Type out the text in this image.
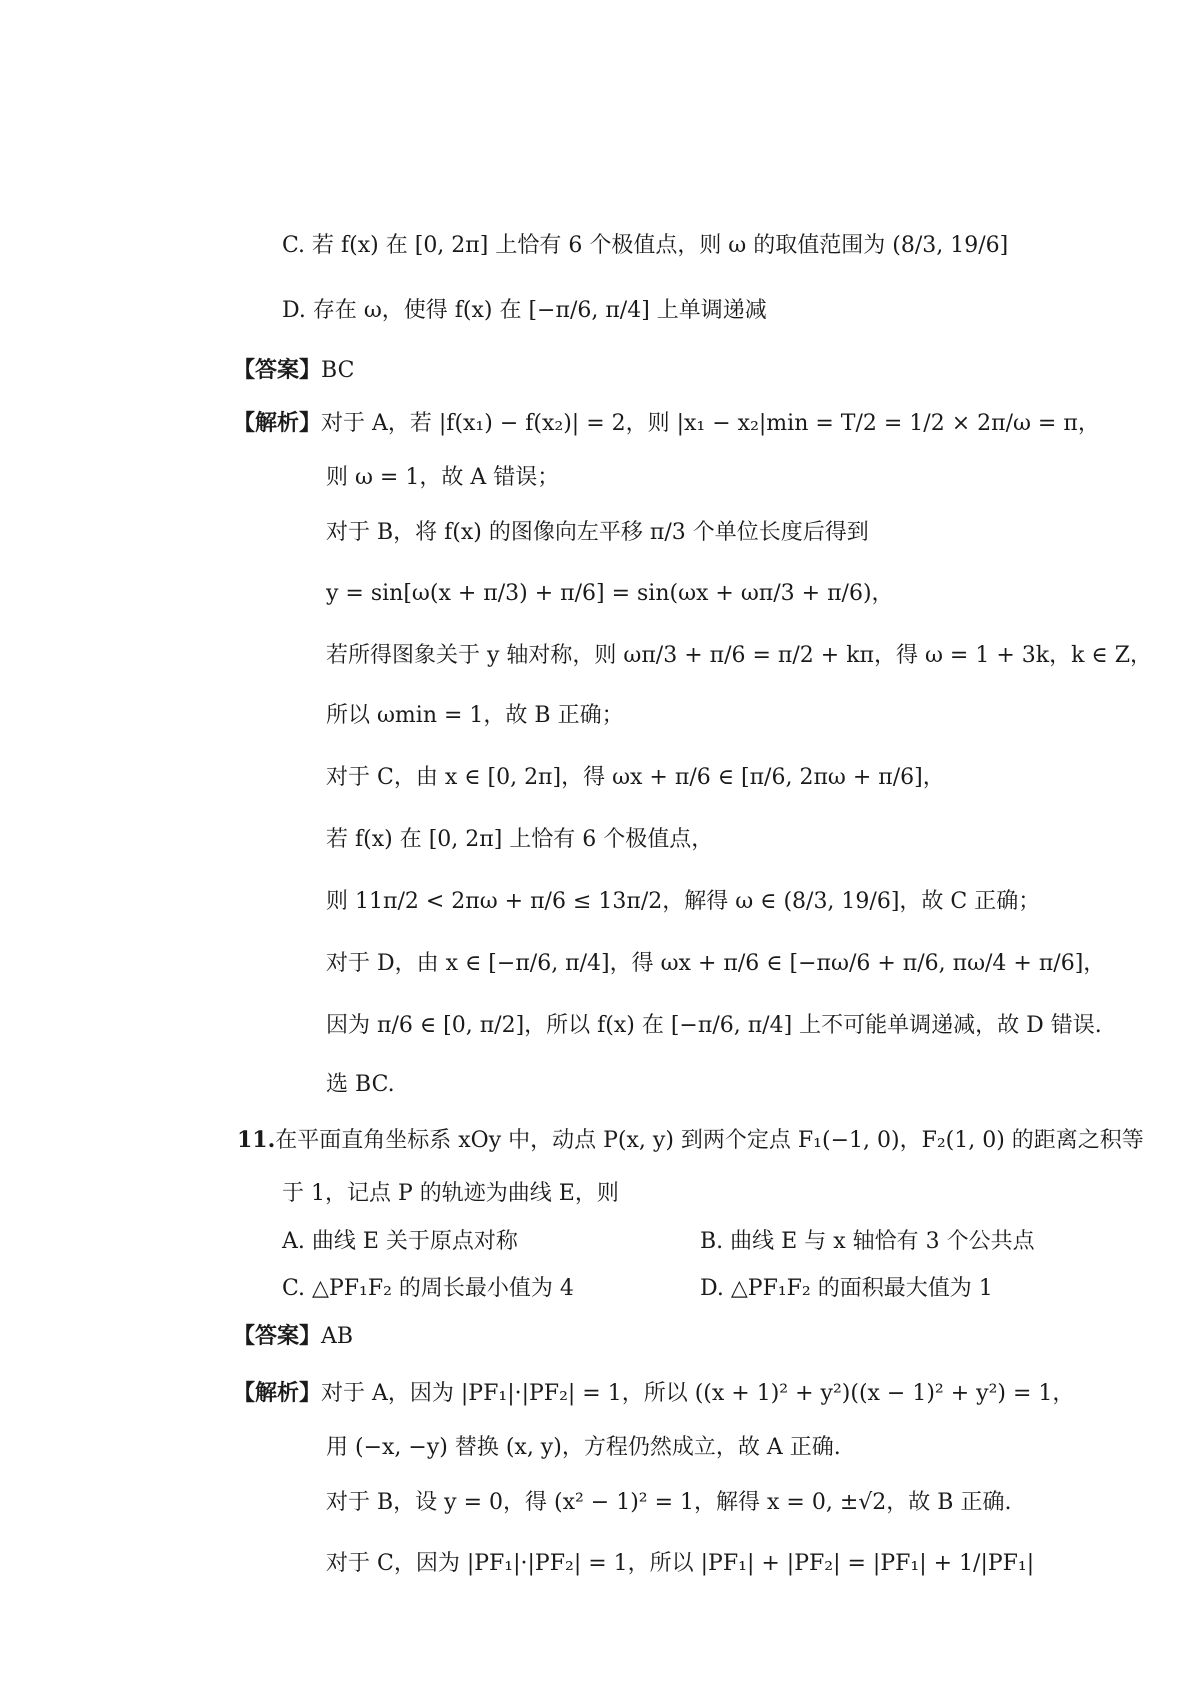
C. 若 f(x) 在 [0, 2π] 上恰有 6 个极值点，则 ω 的取值范围为 (8/3, 19/6]
D. 存在 ω，使得 f(x) 在 [−π/6, π/4] 上单调递减
【答案】BC
【解析】对于 A，若 |f(x₁) − f(x₂)| = 2，则 |x₁ − x₂|min = T/2 = 1/2 × 2π/ω = π，
则 ω = 1，故 A 错误；
对于 B，将 f(x) 的图像向左平移 π/3 个单位长度后得到
y = sin[ω(x + π/3) + π/6] = sin(ωx + ωπ/3 + π/6)，
若所得图象关于 y 轴对称，则 ωπ/3 + π/6 = π/2 + kπ，得 ω = 1 + 3k，k ∈ Z，
所以 ωmin = 1，故 B 正确；
对于 C，由 x ∈ [0, 2π]，得 ωx + π/6 ∈ [π/6, 2πω + π/6]，
若 f(x) 在 [0, 2π] 上恰有 6 个极值点，
则 11π/2 < 2πω + π/6 ≤ 13π/2，解得 ω ∈ (8/3, 19/6]，故 C 正确；
对于 D，由 x ∈ [−π/6, π/4]，得 ωx + π/6 ∈ [−πω/6 + π/6, πω/4 + π/6]，
因为 π/6 ∈ [0, π/2]，所以 f(x) 在 [−π/6, π/4] 上不可能单调递减，故 D 错误.
选 BC.
11.在平面直角坐标系 xOy 中，动点 P(x, y) 到两个定点 F₁(−1, 0)，F₂(1, 0) 的距离之积等
于 1，记点 P 的轨迹为曲线 E，则
A. 曲线 E 关于原点对称	B. 曲线 E 与 x 轴恰有 3 个公共点
C. △PF₁F₂ 的周长最小值为 4	D. △PF₁F₂ 的面积最大值为 1
【答案】AB
【解析】对于 A，因为 |PF₁|·|PF₂| = 1，所以 ((x + 1)² + y²)((x − 1)² + y²) = 1，
用 (−x, −y) 替换 (x, y)，方程仍然成立，故 A 正确.
对于 B，设 y = 0，得 (x² − 1)² = 1，解得 x = 0, ±√2，故 B 正确.
对于 C，因为 |PF₁|·|PF₂| = 1，所以 |PF₁| + |PF₂| = |PF₁| + 1/|PF₁|
